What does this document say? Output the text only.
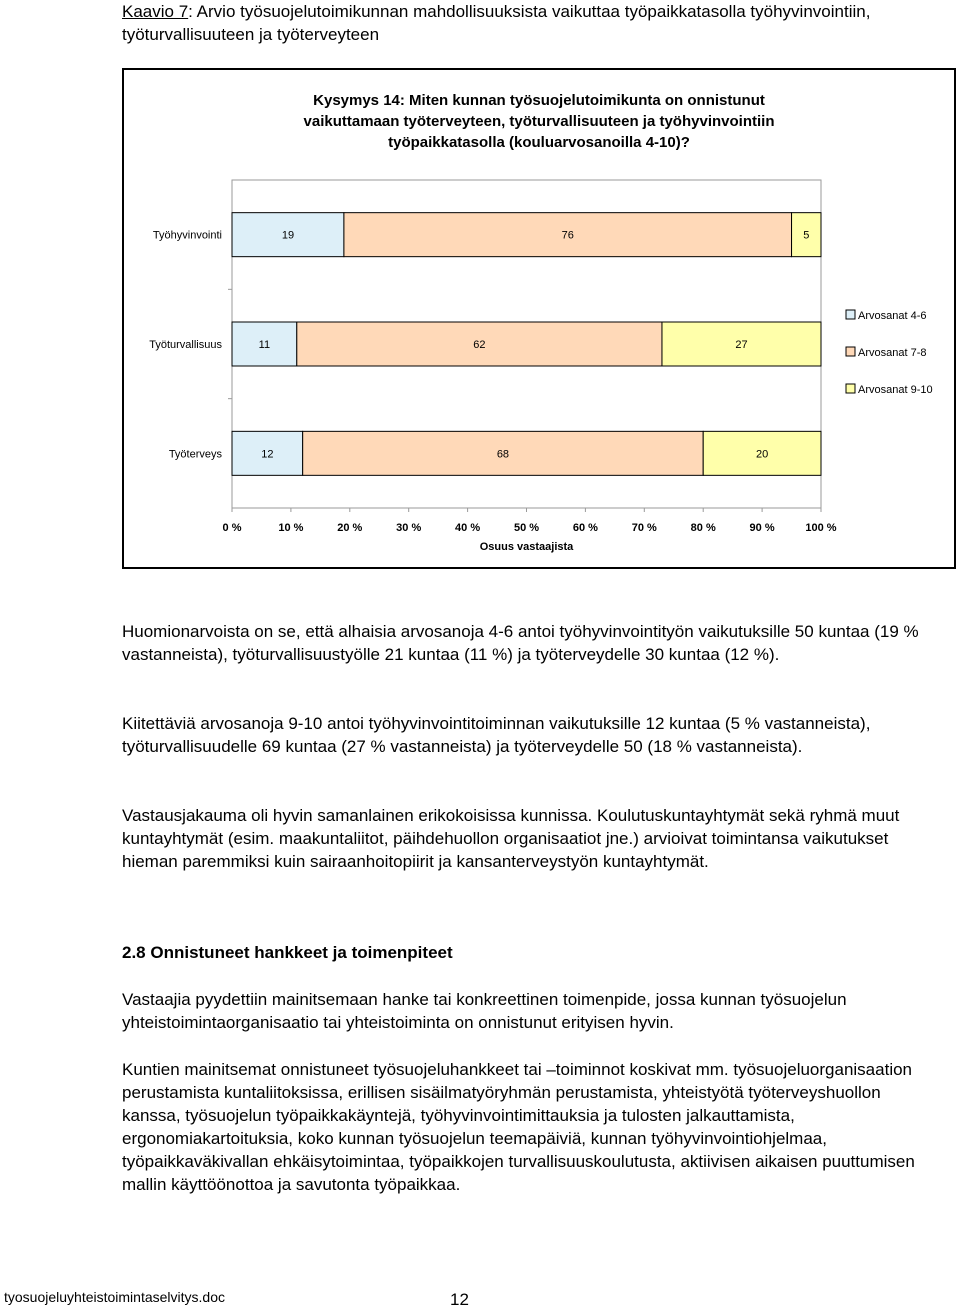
Kaavio 7: Arvio työsuojelutoimikunnan mahdollisuuksista vaikuttaa työpaikkatasolla työhyvinvointiin, työturvallisuuteen ja työterveyteen
Kysymys 14: Miten kunnan työsuojelutoimikunta on onnistunut
vaikuttamaan työterveyteen, työturvallisuuteen ja työhyvinvointiin
työpaikkatasolla (kouluarvosanoilla 4-10)?
Työhyvinvointi	19	76	5
Työturvallisuus	11	62	27
Työterveys	12	68	20
0 %	10 %	20 %	30 %	40 %	50 %	60 %	70 %	80 %	90 %	100 %
Osuus vastaajista
Arvosanat 4-6
Arvosanat 7-8
Arvosanat 9-10
Huomionarvoista on se, että alhaisia arvosanoja 4-6 antoi työhyvinvointityön vaikutuksille 50 kuntaa (19 % vastanneista), työturvallisuustyölle 21 kuntaa (11 %) ja työterveydelle 30 kuntaa (12 %).
Kiitettäviä arvosanoja 9-10 antoi työhyvinvointitoiminnan vaikutuksille 12 kuntaa (5 % vastanneista), työturvallisuudelle 69 kuntaa (27 % vastanneista) ja työterveydelle 50 (18 % vastanneista).
Vastausjakauma oli hyvin samanlainen erikokoisissa kunnissa. Koulutuskuntayhtymät sekä ryhmä muut kuntayhtymät (esim. maakuntaliitot, päihdehuollon organisaatiot jne.) arvioivat toimintansa vaikutukset hieman paremmiksi kuin sairaanhoitopiirit ja kansanterveystyön kuntayhtymät.
2.8 Onnistuneet hankkeet ja toimenpiteet
Vastaajia pyydettiin mainitsemaan hanke tai konkreettinen toimenpide, jossa kunnan työsuojelun yhteistoimintaorganisaatio tai yhteistoiminta on onnistunut erityisen hyvin.
Kuntien mainitsemat onnistuneet työsuojeluhankkeet tai –toiminnot koskivat mm. työsuojeluorganisaation perustamista kuntaliitoksissa, erillisen sisäilmatyöryhmän perustamista, yhteistyötä työterveyshuollon kanssa, työsuojelun työpaikkakäyntejä, työhyvinvointimittauksia ja tulosten jalkauttamista, ergonomiakartoituksia, koko kunnan työsuojelun teemapäiviä, kunnan työhyvinvointiohjelmaa, työpaikkaväkivallan ehkäisytoimintaa, työpaikkojen turvallisuuskoulutusta, aktiivisen aikaisen puuttumisen mallin käyttöönottoa ja savutonta työpaikkaa.
tyosuojeluyhteistoimintaselvitys.doc	12
